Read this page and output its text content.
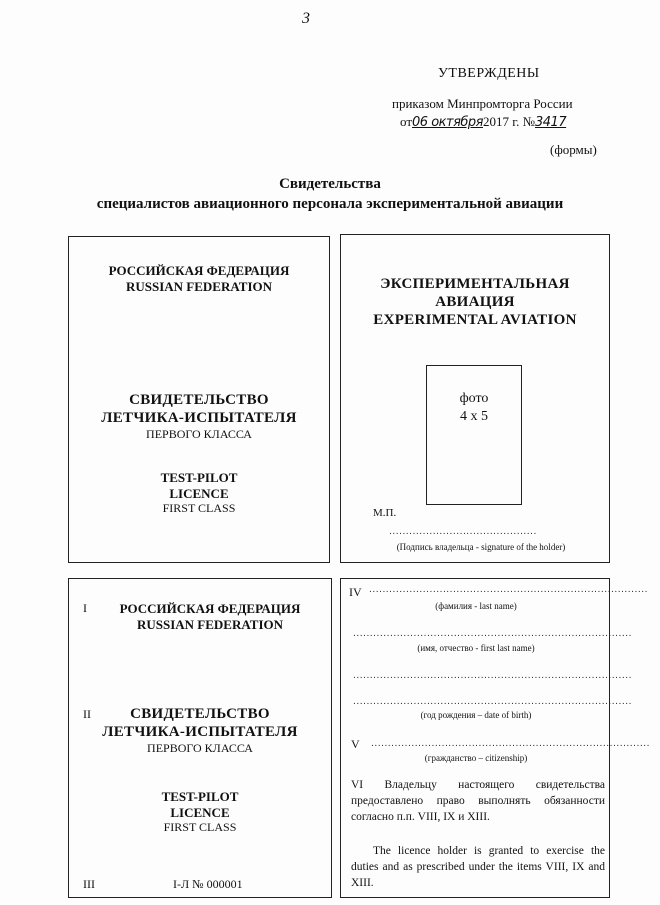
3
УТВЕРЖДЕНЫ
приказом Минпромторга России
от06 октября2017 г. №3417
(формы)
Свидетельства
специалистов авиационного персонала экспериментальной авиации
РОССИЙСКАЯ ФЕДЕРАЦИЯ
RUSSIAN FEDERATION
СВИДЕТЕЛЬСТВО
ЛЕТЧИКА-ИСПЫТАТЕЛЯ
ПЕРВОГО КЛАССА
TEST-PILOT
LICENCE
FIRST CLASS
ЭКСПЕРИМЕНТАЛЬНАЯ
АВИАЦИЯ
EXPERIMENTAL AVIATION
фото
4 х 5
М.П.
............................................
(Подпись владельца - signature of the holder)
I	РОССИЙСКАЯ ФЕДЕРАЦИЯ
RUSSIAN FEDERATION
II	СВИДЕТЕЛЬСТВО
ЛЕТЧИКА-ИСПЫТАТЕЛЯ
ПЕРВОГО КЛАССА
TEST-PILOT
LICENCE
FIRST CLASS
III	I-Л № 000001
IV ...................................................................................
(фамилия - last name)
...................................................................................
(имя, отчество - first last name)
...................................................................................
...................................................................................
(год рождения – date of birth)
V ...................................................................................
(гражданство – citizenship)
VI Владельцу настоящего свидетельства предоставлено право выполнять обязанности согласно п.п. VIII, IX и XIII.
The licence holder is granted to exercise the duties and as prescribed under the items VIII, IX and XIII.
